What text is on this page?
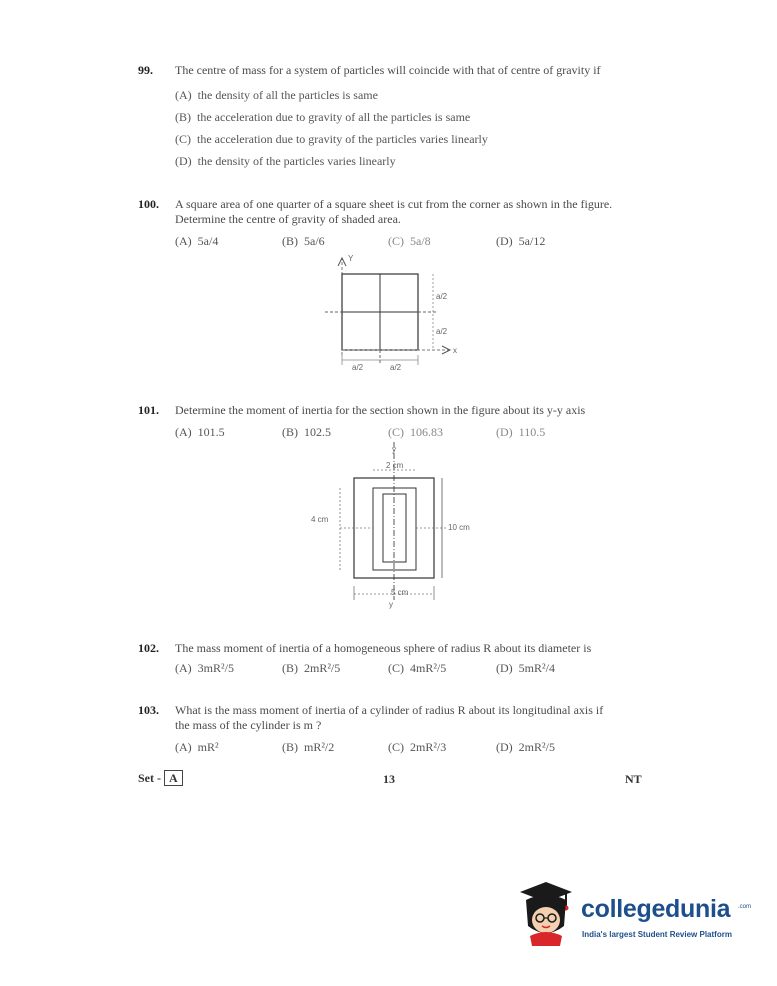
99. The centre of mass for a system of particles will coincide with that of centre of gravity if
(A) the density of all the particles is same
(B) the acceleration due to gravity of all the particles is same
(C) the acceleration due to gravity of the particles varies linearly
(D) the density of the particles varies linearly
100. A square area of one quarter of a square sheet is cut from the corner as shown in the figure.
Determine the centre of gravity of shaded area.
(A) 5a/4	(B) 5a/6	(C) 5a/8	(D) 5a/12
Y
x
a/2
a/2
a/2	a/2
101. Determine the moment of inertia for the section shown in the figure about its y-y axis
(A) 101.5	(B) 102.5	(C) 106.83	(D) 110.5
y
2 cm
4 cm
10 cm
5 cm
y
102. The mass moment of inertia of a homogeneous sphere of radius R about its diameter is
(A) 3mR²/5	(B) 2mR²/5	(C) 4mR²/5	(D) 5mR²/4
103. What is the mass moment of inertia of a cylinder of radius R about its longitudinal axis if
the mass of the cylinder is m ?
(A) mR²	(B) mR²/2	(C) 2mR²/3	(D) 2mR²/5
Set - A	13	NT
collegedunia .com
India's largest Student Review Platform
